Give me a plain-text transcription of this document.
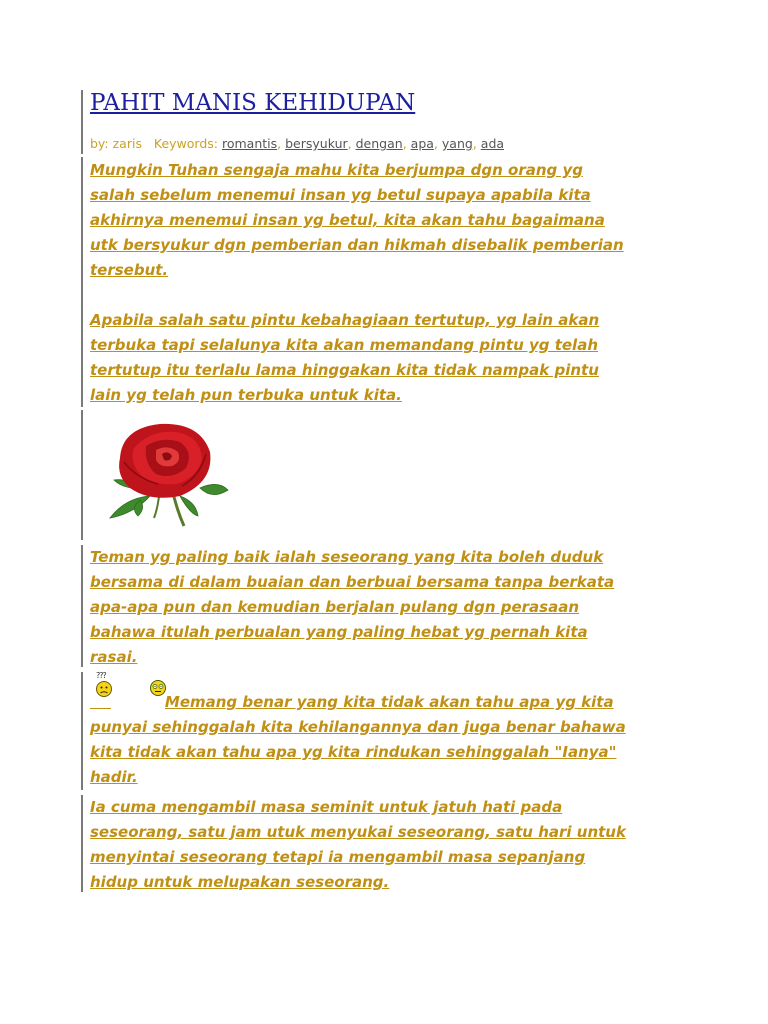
PAHIT MANIS KEHIDUPAN
by: zaris Keywords: romantis, bersyukur, dengan, apa, yang, ada

Mungkin Tuhan sengaja mahu kita berjumpa dgn orang yg
salah sebelum menemui insan yg betul supaya apabila kita
akhirnya menemui insan yg betul, kita akan tahu bagaimana
utk bersyukur dgn pemberian dan hikmah disebalik pemberian
tersebut.

Apabila salah satu pintu kebahagiaan tertutup, yg lain akan
terbuka tapi selalunya kita akan memandang pintu yg telah
tertutup itu terlalu lama hinggakan kita tidak nampak pintu
lain yg telah pun terbuka untuk kita.

Teman yg paling baik ialah seseorang yang kita boleh duduk
bersama di dalam buaian dan berbuai bersama tanpa berkata
apa-apa pun dan kemudian berjalan pulang dgn perasaan
bahawa itulah perbualan yang paling hebat yg pernah kita
rasai.

???

Memang benar yang kita tidak akan tahu apa yg kita
punyai sehinggalah kita kehilangannya dan juga benar bahawa
kita tidak akan tahu apa yg kita rindukan sehinggalah "Ianya"
hadir.

Ia cuma mengambil masa seminit untuk jatuh hati pada
seseorang, satu jam utuk menyukai seseorang, satu hari untuk
menyintai seseorang tetapi ia mengambil masa sepanjang
hidup untuk melupakan seseorang.
